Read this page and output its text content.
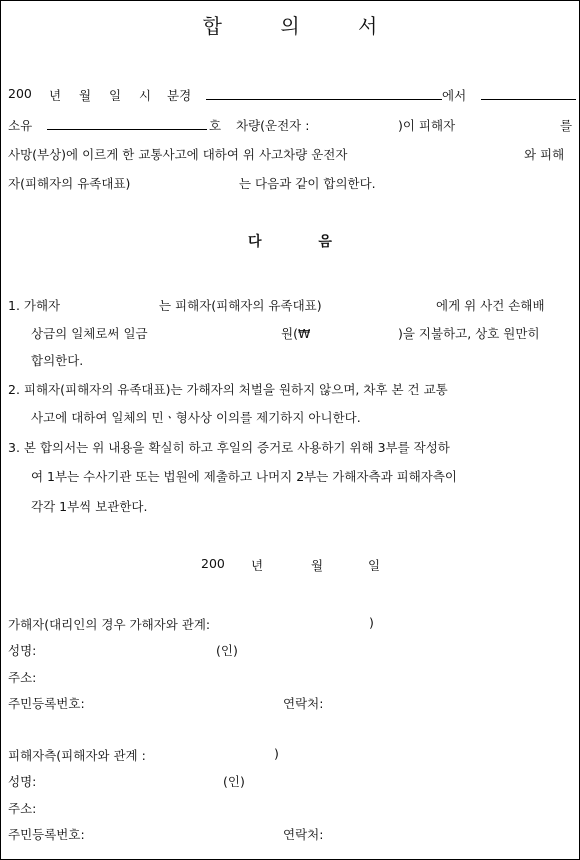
합 의 서
200 년 월 일 시 분경	에서
소유	호 차량(운전자 :	)이 피해자	를
사망(부상)에 이르게 한 교통사고에 대하여 위 사고차량 운전자	와 피해
자(피해자의 유족대표)	는 다음과 같이 합의한다.
다 음
1. 가해자	는 피해자(피해자의 유족대표)	에게 위 사건 손해배
상금의 일체로써 일금	원(₩	)을 지불하고, 상호 원만히
합의한다.
2. 피해자(피해자의 유족대표)는 가해자의 처벌을 원하지 않으며, 차후 본 건 교통
사고에 대하여 일체의 민ㆍ형사상 이의를 제기하지 아니한다.
3. 본 합의서는 위 내용을 확실히 하고 후일의 증거로 사용하기 위해 3부를 작성하
여 1부는 수사기관 또는 법원에 제출하고 나머지 2부는 가해자측과 피해자측이
각각 1부씩 보관한다.
200 년	월	일
가해자(대리인의 경우 가해자와 관계:	)
성명:	(인)
주소:
주민등록번호:	연락처:
피해자측(피해자와 관계 :	)
성명:	(인)
주소:
주민등록번호:	연락처:
